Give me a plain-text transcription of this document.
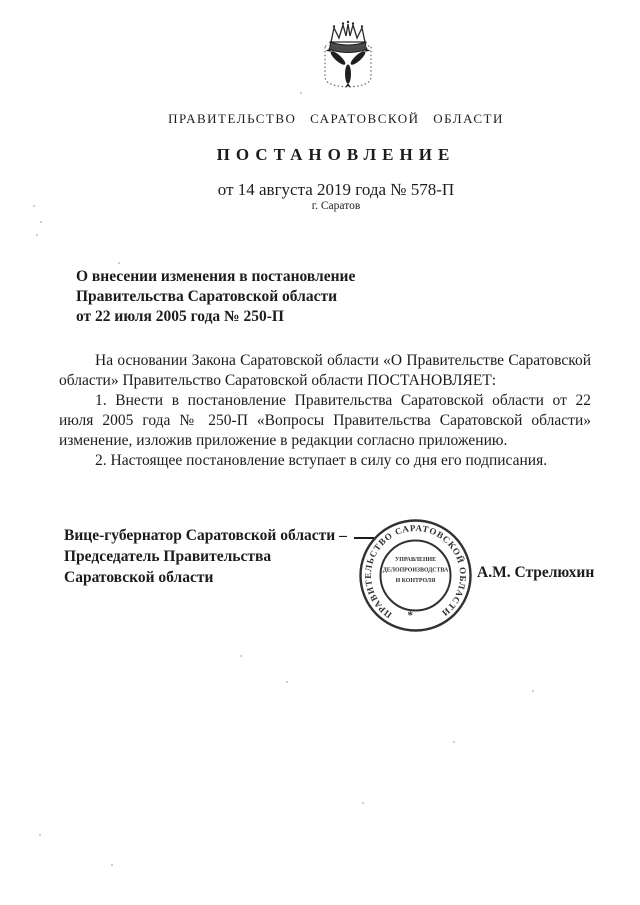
ПРАВИТЕЛЬСТВО САРАТОВСКОЙ ОБЛАСТИ
ПОСТАНОВЛЕНИЕ
от 14 августа 2019 года № 578-П
г. Саратов
О внесении изменения в постановление
Правительства Саратовской области
от 22 июля 2005 года № 250-П

На основании Закона Саратовской области «О Правительстве Саратовской области» Правительство Саратовской области ПОСТАНОВЛЯЕТ:

1. Внести в постановление Правительства Саратовской области от 22 июля 2005 года № 250-П «Вопросы Правительства Саратовской области» изменение, изложив приложение в редакции согласно приложению.

2. Настоящее постановление вступает в силу со дня его подписания.

Вице-губернатор Саратовской области –
Председатель Правительства
Саратовской области	А.М. Стрелюхин
ПРАВИТЕЛЬСТВО САРАТОВСКОЙ ОБЛАСТИ
*
УПРАВЛЕНИЕ
ДЕЛОПРОИЗВОДСТВА
И КОНТРОЛЯ
